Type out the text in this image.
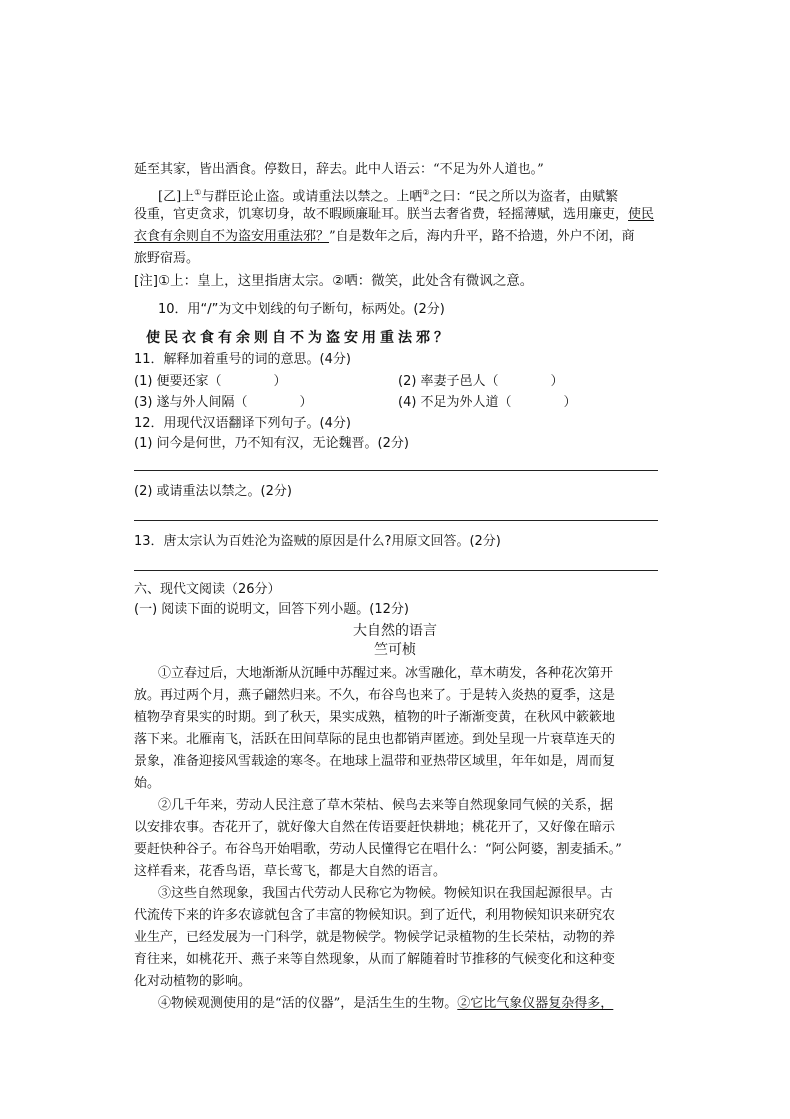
延至其家，皆出酒食。停数日，辞去。此中人语云：“不足为外人道也。”
[乙]上①与群臣论止盗。或请重法以禁之。上哂②之曰：“民之所以为盗者，由赋繁
役重，官吏贪求，饥寒切身，故不暇顾廉耻耳。朕当去奢省费，轻摇薄赋，选用廉吏，使民
衣食有余则自不为盗安用重法邪？”自是数年之后，海内升平，路不拾遗，外户不闭，商
旅野宿焉。
[注]①上：皇上，这里指唐太宗。②哂：微笑，此处含有微讽之意。
10．用“/”为文中划线的句子断句，标两处。(2分)
使民衣食有余则自不为盗安用重法邪？
11．解释加着重号的词的意思。(4分)
(1) 便要还家（　　　　）	(2) 率妻子邑人（　　　　）
(3) 遂与外人间隔（　　　　）	(4) 不足为外人道（　　　　）
12．用现代汉语翻译下列句子。(4分)
(1) 问今是何世，乃不知有汉，无论魏晋。(2分)
(2) 或请重法以禁之。(2分)
13．唐太宗认为百姓沦为盗贼的原因是什么?用原文回答。(2分)
六、现代文阅读（26分）
(一) 阅读下面的说明文，回答下列小题。(12分)
大自然的语言
竺可桢
①立春过后，大地渐渐从沉睡中苏醒过来。冰雪融化，草木萌发，各种花次第开
放。再过两个月，燕子翩然归来。不久，布谷鸟也来了。于是转入炎热的夏季，这是
植物孕育果实的时期。到了秋天，果实成熟，植物的叶子渐渐变黄，在秋风中簌簌地
落下来。北雁南飞，活跃在田间草际的昆虫也都销声匿迹。到处呈现一片衰草连天的
景象，准备迎接风雪载途的寒冬。在地球上温带和亚热带区域里，年年如是，周而复
始。
②几千年来，劳动人民注意了草木荣枯、候鸟去来等自然现象同气候的关系，据
以安排农事。杏花开了，就好像大自然在传语要赶快耕地；桃花开了，又好像在暗示
要赶快种谷子。布谷鸟开始唱歌，劳动人民懂得它在唱什么：“阿公阿婆，割麦插禾。”
这样看来，花香鸟语，草长莺飞，都是大自然的语言。
③这些自然现象，我国古代劳动人民称它为物候。物候知识在我国起源很早。古
代流传下来的许多农谚就包含了丰富的物候知识。到了近代，利用物候知识来研究农
业生产，已经发展为一门科学，就是物候学。物候学记录植物的生长荣枯，动物的养
育往来，如桃花开、燕子来等自然现象，从而了解随着时节推移的气候变化和这种变
化对动植物的影响。
④物候观测使用的是“活的仪器”，是活生生的生物。②它比气象仪器复杂得多，
